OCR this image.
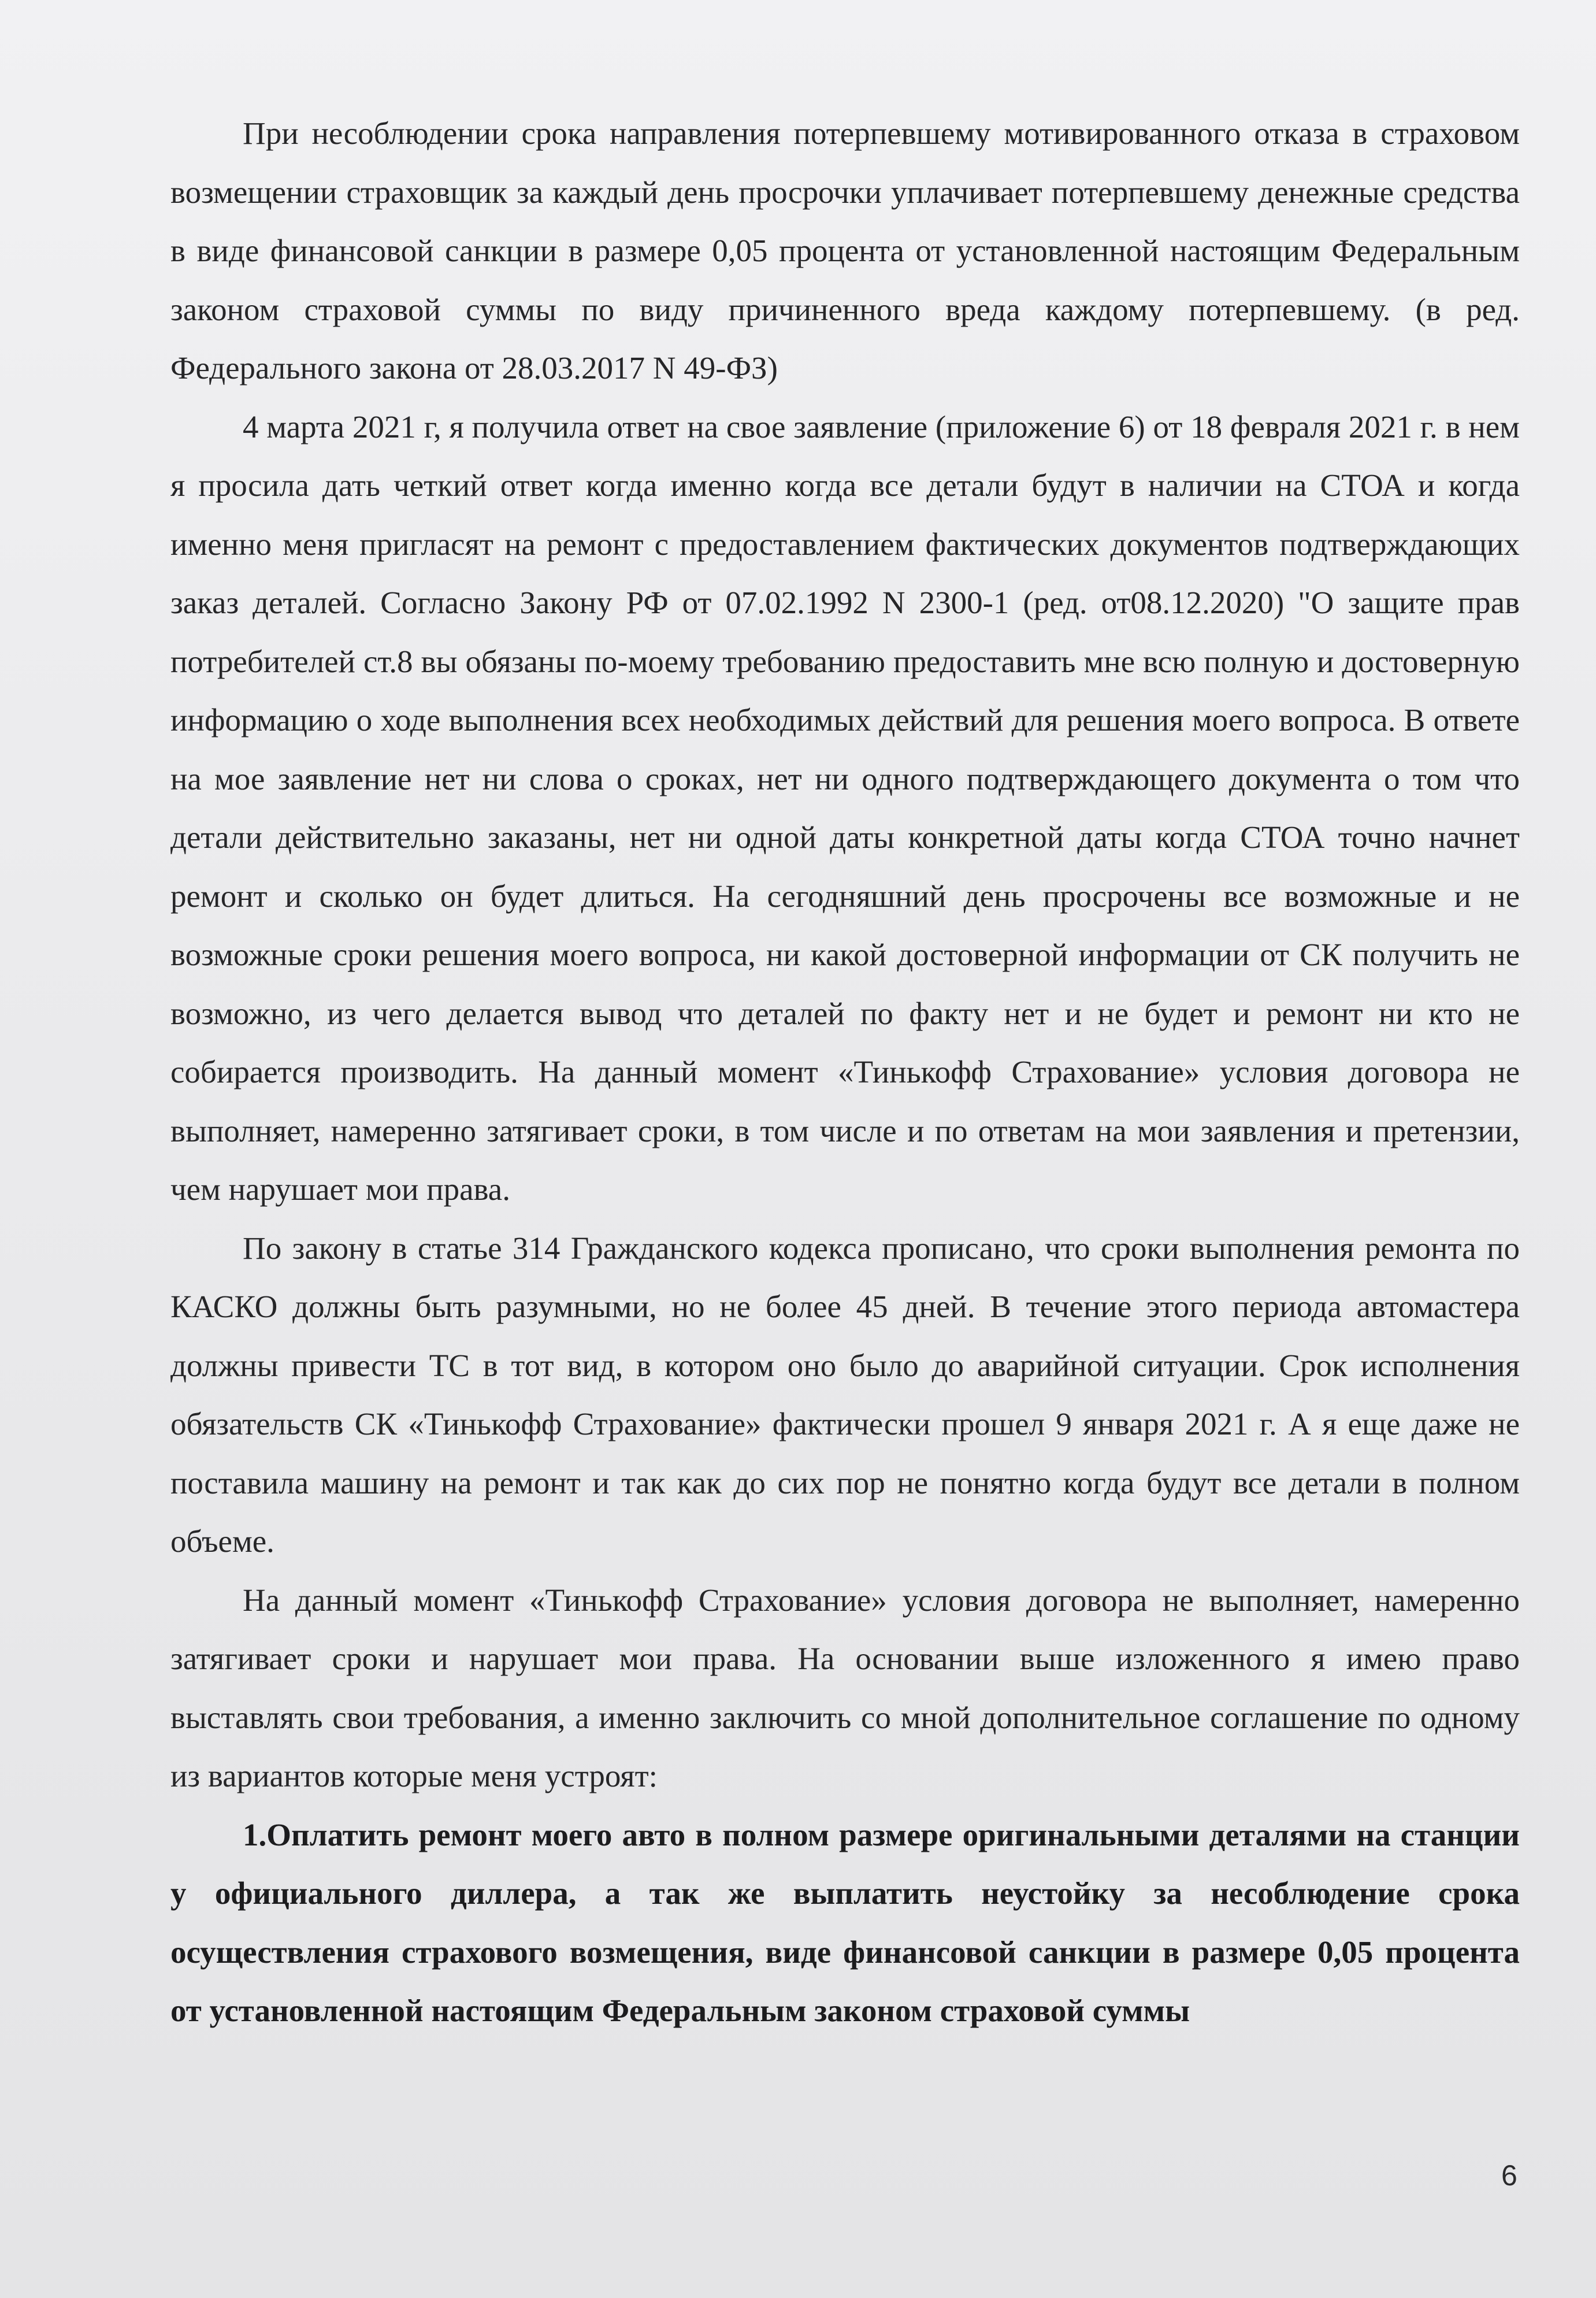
При несоблюдении срока направления потерпевшему мотивированного отказа в страховом возмещении страховщик за каждый день просрочки уплачивает потерпевшему денежные средства в виде финансовой санкции в размере 0,05 процента от установленной настоящим Федеральным законом страховой суммы по виду причиненного вреда каждому потерпевшему. (в ред. Федерального закона от 28.03.2017 N 49-ФЗ)

4 марта 2021 г, я получила ответ на свое заявление (приложение 6) от 18 февраля 2021 г. в нем я просила дать четкий ответ когда именно когда все детали будут в наличии на СТОА и когда именно меня пригласят на ремонт с предоставлением фактических документов подтверждающих заказ деталей. Согласно Закону РФ от 07.02.1992 N 2300-1 (ред. от08.12.2020) "О защите прав потребителей ст.8 вы обязаны по-моему требованию предоставить мне всю полную и достоверную информацию о ходе выполнения всех необходимых действий для решения моего вопроса. В ответе на мое заявление нет ни слова о сроках, нет ни одного подтверждающего документа о том что детали действительно заказаны, нет ни одной даты конкретной даты когда СТОА точно начнет ремонт и сколько он будет длиться. На сегодняшний день просрочены все возможные и не возможные сроки решения моего вопроса, ни какой достоверной информации от СК получить не возможно, из чего делается вывод что деталей по факту нет и не будет и ремонт ни кто не собирается производить. На данный момент «Тинькофф Страхование» условия договора не выполняет, намеренно затягивает сроки, в том числе и по ответам на мои заявления и претензии, чем нарушает мои права.

По закону в статье 314 Гражданского кодекса прописано, что сроки выполнения ремонта по КАСКО должны быть разумными, но не более 45 дней. В течение этого периода автомастера должны привести ТС в тот вид, в котором оно было до аварийной ситуации. Срок исполнения обязательств СК «Тинькофф Страхование» фактически прошел 9 января 2021 г. А я еще даже не поставила машину на ремонт и так как до сих пор не понятно когда будут все детали в полном объеме.

На данный момент «Тинькофф Страхование» условия договора не выполняет, намеренно затягивает сроки и нарушает мои права. На основании выше изложенного я имею право выставлять свои требования, а именно заключить со мной дополнительное соглашение по одному из вариантов которые меня устроят:

1.Оплатить ремонт моего авто в полном размере оригинальными деталями на станции у официального диллера, а так же выплатить неустойку за несоблюдение срока осуществления страхового возмещения, виде финансовой санкции в размере 0,05 процента от установленной настоящим Федеральным законом страховой суммы

6
